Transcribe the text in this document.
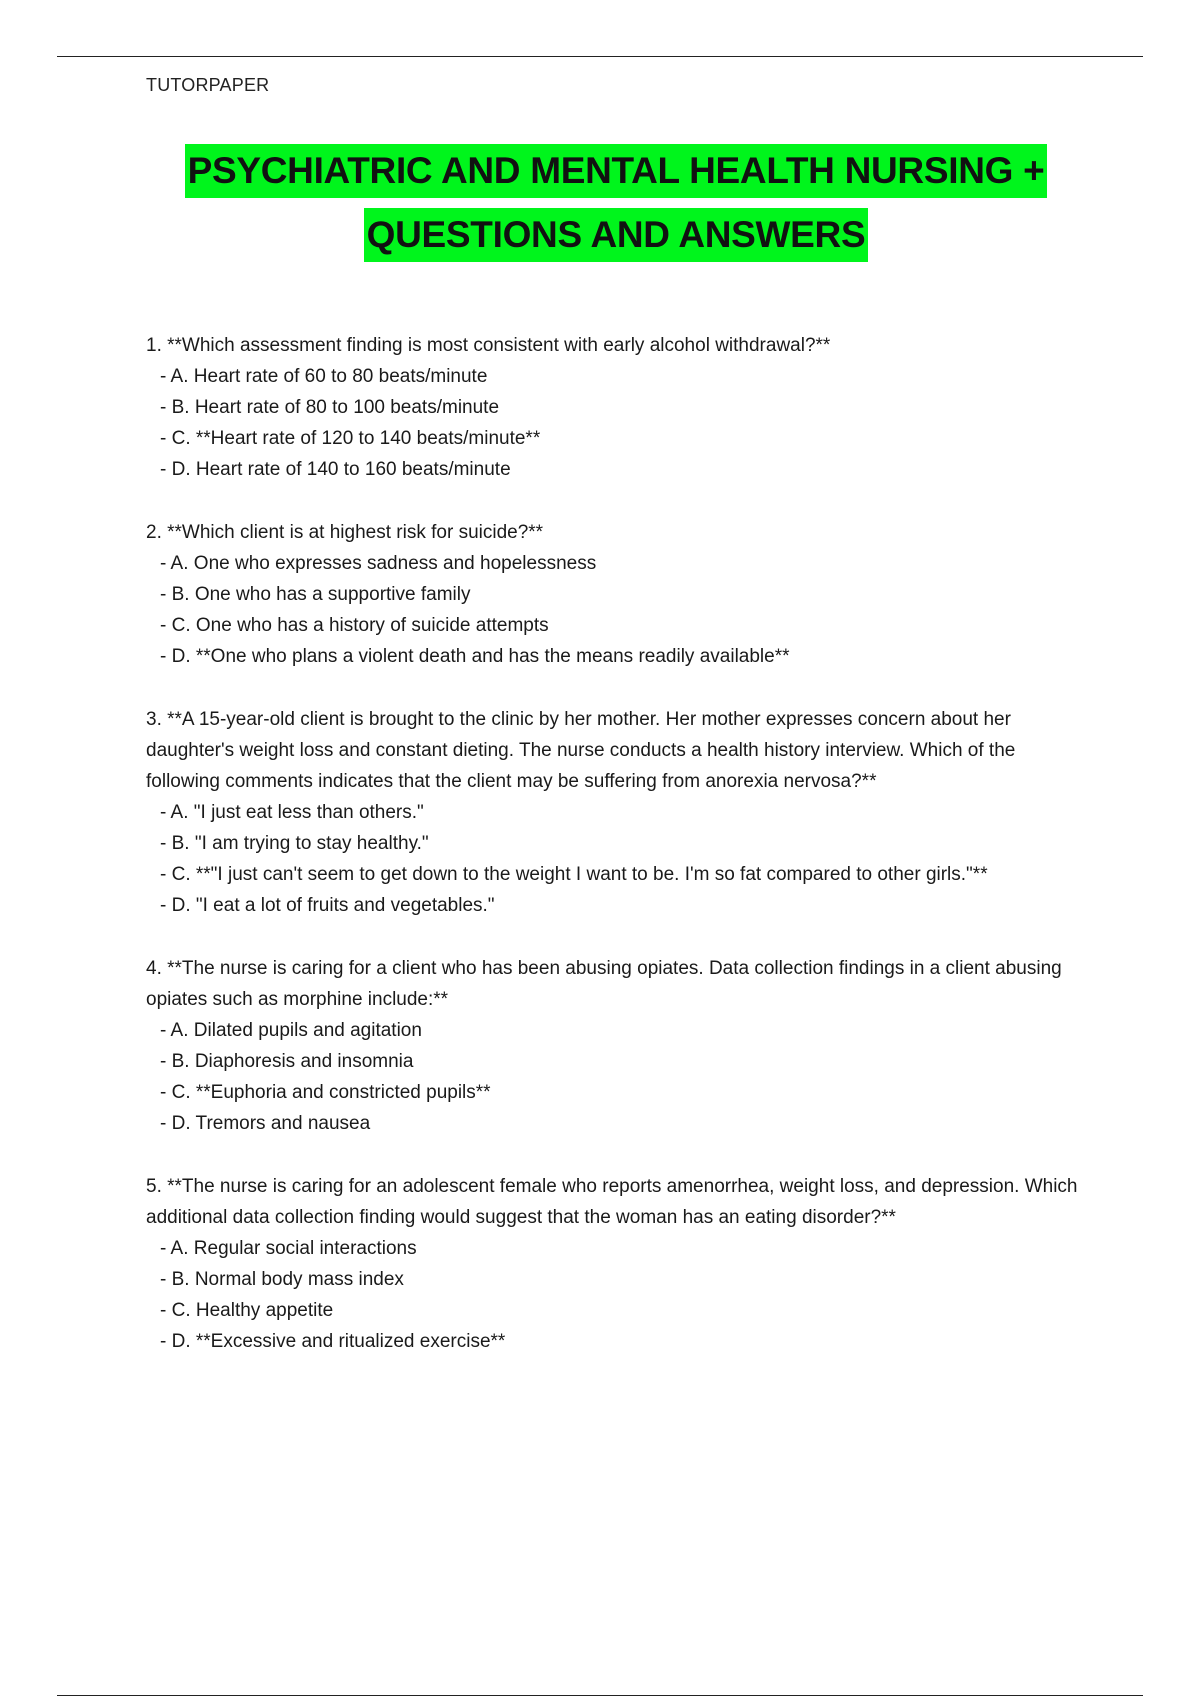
TUTORPAPER
PSYCHIATRIC AND MENTAL HEALTH NURSING +
QUESTIONS AND ANSWERS
1. **Which assessment finding is most consistent with early alcohol withdrawal?**
- A. Heart rate of 60 to 80 beats/minute
- B. Heart rate of 80 to 100 beats/minute
- C. **Heart rate of 120 to 140 beats/minute**
- D. Heart rate of 140 to 160 beats/minute
2. **Which client is at highest risk for suicide?**
- A. One who expresses sadness and hopelessness
- B. One who has a supportive family
- C. One who has a history of suicide attempts
- D. **One who plans a violent death and has the means readily available**
3. **A 15-year-old client is brought to the clinic by her mother. Her mother expresses concern about her daughter's weight loss and constant dieting. The nurse conducts a health history interview. Which of the following comments indicates that the client may be suffering from anorexia nervosa?**
- A. "I just eat less than others."
- B. "I am trying to stay healthy."
- C. **"I just can't seem to get down to the weight I want to be. I'm so fat compared to other girls."**
- D. "I eat a lot of fruits and vegetables."
4. **The nurse is caring for a client who has been abusing opiates. Data collection findings in a client abusing opiates such as morphine include:**
- A. Dilated pupils and agitation
- B. Diaphoresis and insomnia
- C. **Euphoria and constricted pupils**
- D. Tremors and nausea
5. **The nurse is caring for an adolescent female who reports amenorrhea, weight loss, and depression. Which additional data collection finding would suggest that the woman has an eating disorder?**
- A. Regular social interactions
- B. Normal body mass index
- C. Healthy appetite
- D. **Excessive and ritualized exercise**
